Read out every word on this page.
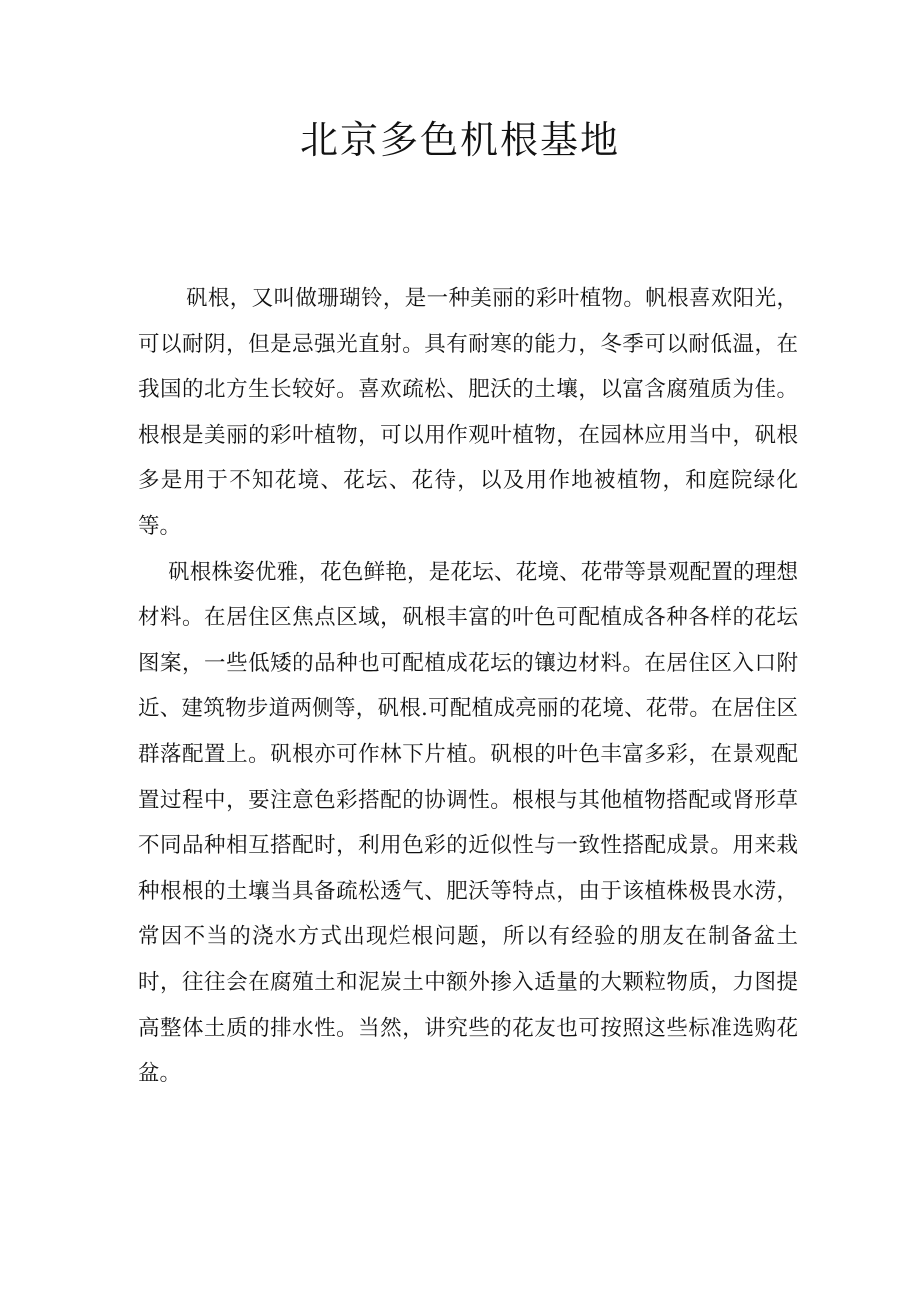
北京多色机根基地

矾根，又叫做珊瑚铃，是一种美丽的彩叶植物。帆根喜欢阳光，可以耐阴，但是忌强光直射。具有耐寒的能力，冬季可以耐低温，在我国的北方生长较好。喜欢疏松、肥沃的土壤，以富含腐殖质为佳。根根是美丽的彩叶植物，可以用作观叶植物，在园林应用当中，矾根多是用于不知花境、花坛、花待，以及用作地被植物，和庭院绿化等。

矾根株姿优雅，花色鲜艳，是花坛、花境、花带等景观配置的理想材料。在居住区焦点区域，矾根丰富的叶色可配植成各种各样的花坛图案，一些低矮的品种也可配植成花坛的镶边材料。在居住区入口附近、建筑物步道两侧等，矾根.可配植成亮丽的花境、花带。在居住区群落配置上。矾根亦可作林下片植。矾根的叶色丰富多彩，在景观配置过程中，要注意色彩搭配的协调性。根根与其他植物搭配或肾形草不同品种相互搭配时，利用色彩的近似性与一致性搭配成景。用来栽种根根的土壤当具备疏松透气、肥沃等特点，由于该植株极畏水涝，常因不当的浇水方式出现烂根问题，所以有经验的朋友在制备盆土时，往往会在腐殖土和泥炭土中额外掺入适量的大颗粒物质，力图提高整体土质的排水性。当然，讲究些的花友也可按照这些标准选购花盆。
